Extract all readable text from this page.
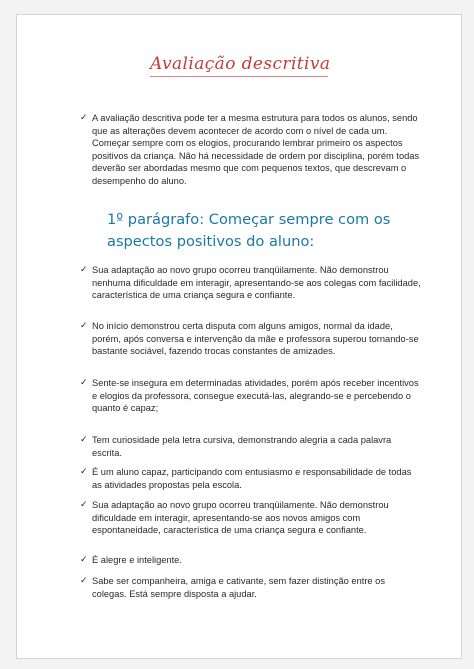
Avaliação descritiva
✓ A avaliação descritiva pode ter a mesma estrutura para todos os alunos, sendo que as alterações devem acontecer de acordo com o nível de cada um. Começar sempre com os elogios, procurando lembrar primeiro os aspectos positivos da criança. Não há necessidade de ordem por disciplina, porém todas deverão ser abordadas mesmo que com pequenos textos, que descrevam o desempenho do aluno.
1º parágrafo: Começar sempre com os aspectos positivos do aluno:
✓ Sua adaptação ao novo grupo ocorreu tranqüilamente. Não demonstrou nenhuma dificuldade em interagir, apresentando-se aos colegas com facilidade, característica de uma criança segura e confiante.
✓ No início demonstrou certa disputa com alguns amigos, normal da idade, porém, após conversa e intervenção da mãe e professora superou tornando-se bastante sociável, fazendo trocas constantes de amizades.
✓ Sente-se insegura em determinadas atividades, porém após receber incentivos e elogios da professora, consegue executá-las, alegrando-se e percebendo o quanto é capaz;
✓ Tem curiosidade pela letra cursiva, demonstrando alegria a cada palavra escrita.
✓ É um aluno capaz, participando com entusiasmo e responsabilidade de todas as atividades propostas pela escola.
✓ Sua adaptação ao novo grupo ocorreu tranqüilamente. Não demonstrou dificuldade em interagir, apresentando-se aos novos amigos com espontaneidade, característica de uma criança segura e confiante.
✓ É alegre e inteligente.
✓ Sabe ser companheira, amiga e cativante, sem fazer distinção entre os colegas. Está sempre disposta a ajudar.
